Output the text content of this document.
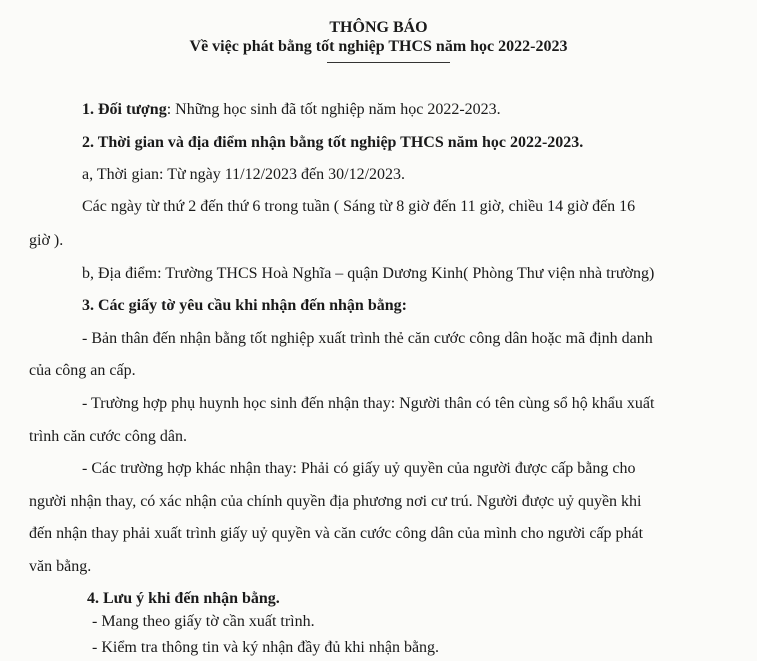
THÔNG BÁO
Về việc phát bằng tốt nghiệp THCS năm học 2022-2023
1. Đối tượng: Những học sinh đã tốt nghiệp năm học 2022-2023.
2. Thời gian và địa điểm nhận bằng tốt nghiệp THCS năm học 2022-2023.
a, Thời gian: Từ ngày 11/12/2023 đến 30/12/2023.
Các ngày từ thứ 2 đến thứ 6 trong tuần ( Sáng từ 8 giờ đến 11 giờ, chiều 14 giờ đến 16
giờ ).
b, Địa điểm: Trường THCS Hoà Nghĩa – quận Dương Kinh( Phòng Thư viện nhà trường)
3. Các giấy tờ yêu cầu khi nhận đến nhận bằng:
- Bản thân đến nhận bằng tốt nghiệp xuất trình thẻ căn cước công dân hoặc mã định danh
của công an cấp.
- Trường hợp phụ huynh học sinh đến nhận thay: Người thân có tên cùng sổ hộ khẩu xuất
trình căn cước công dân.
- Các trường hợp khác nhận thay: Phải có giấy uỷ quyền của người được cấp bằng cho
người nhận thay, có xác nhận của chính quyền địa phương nơi cư trú. Người được uỷ quyền khi
đến nhận thay phải xuất trình giấy uỷ quyền và căn cước công dân của mình cho người cấp phát
văn bằng.
4. Lưu ý khi đến nhận bằng.
- Mang theo giấy tờ cần xuất trình.
- Kiểm tra thông tin và ký nhận đầy đủ khi nhận bằng.
